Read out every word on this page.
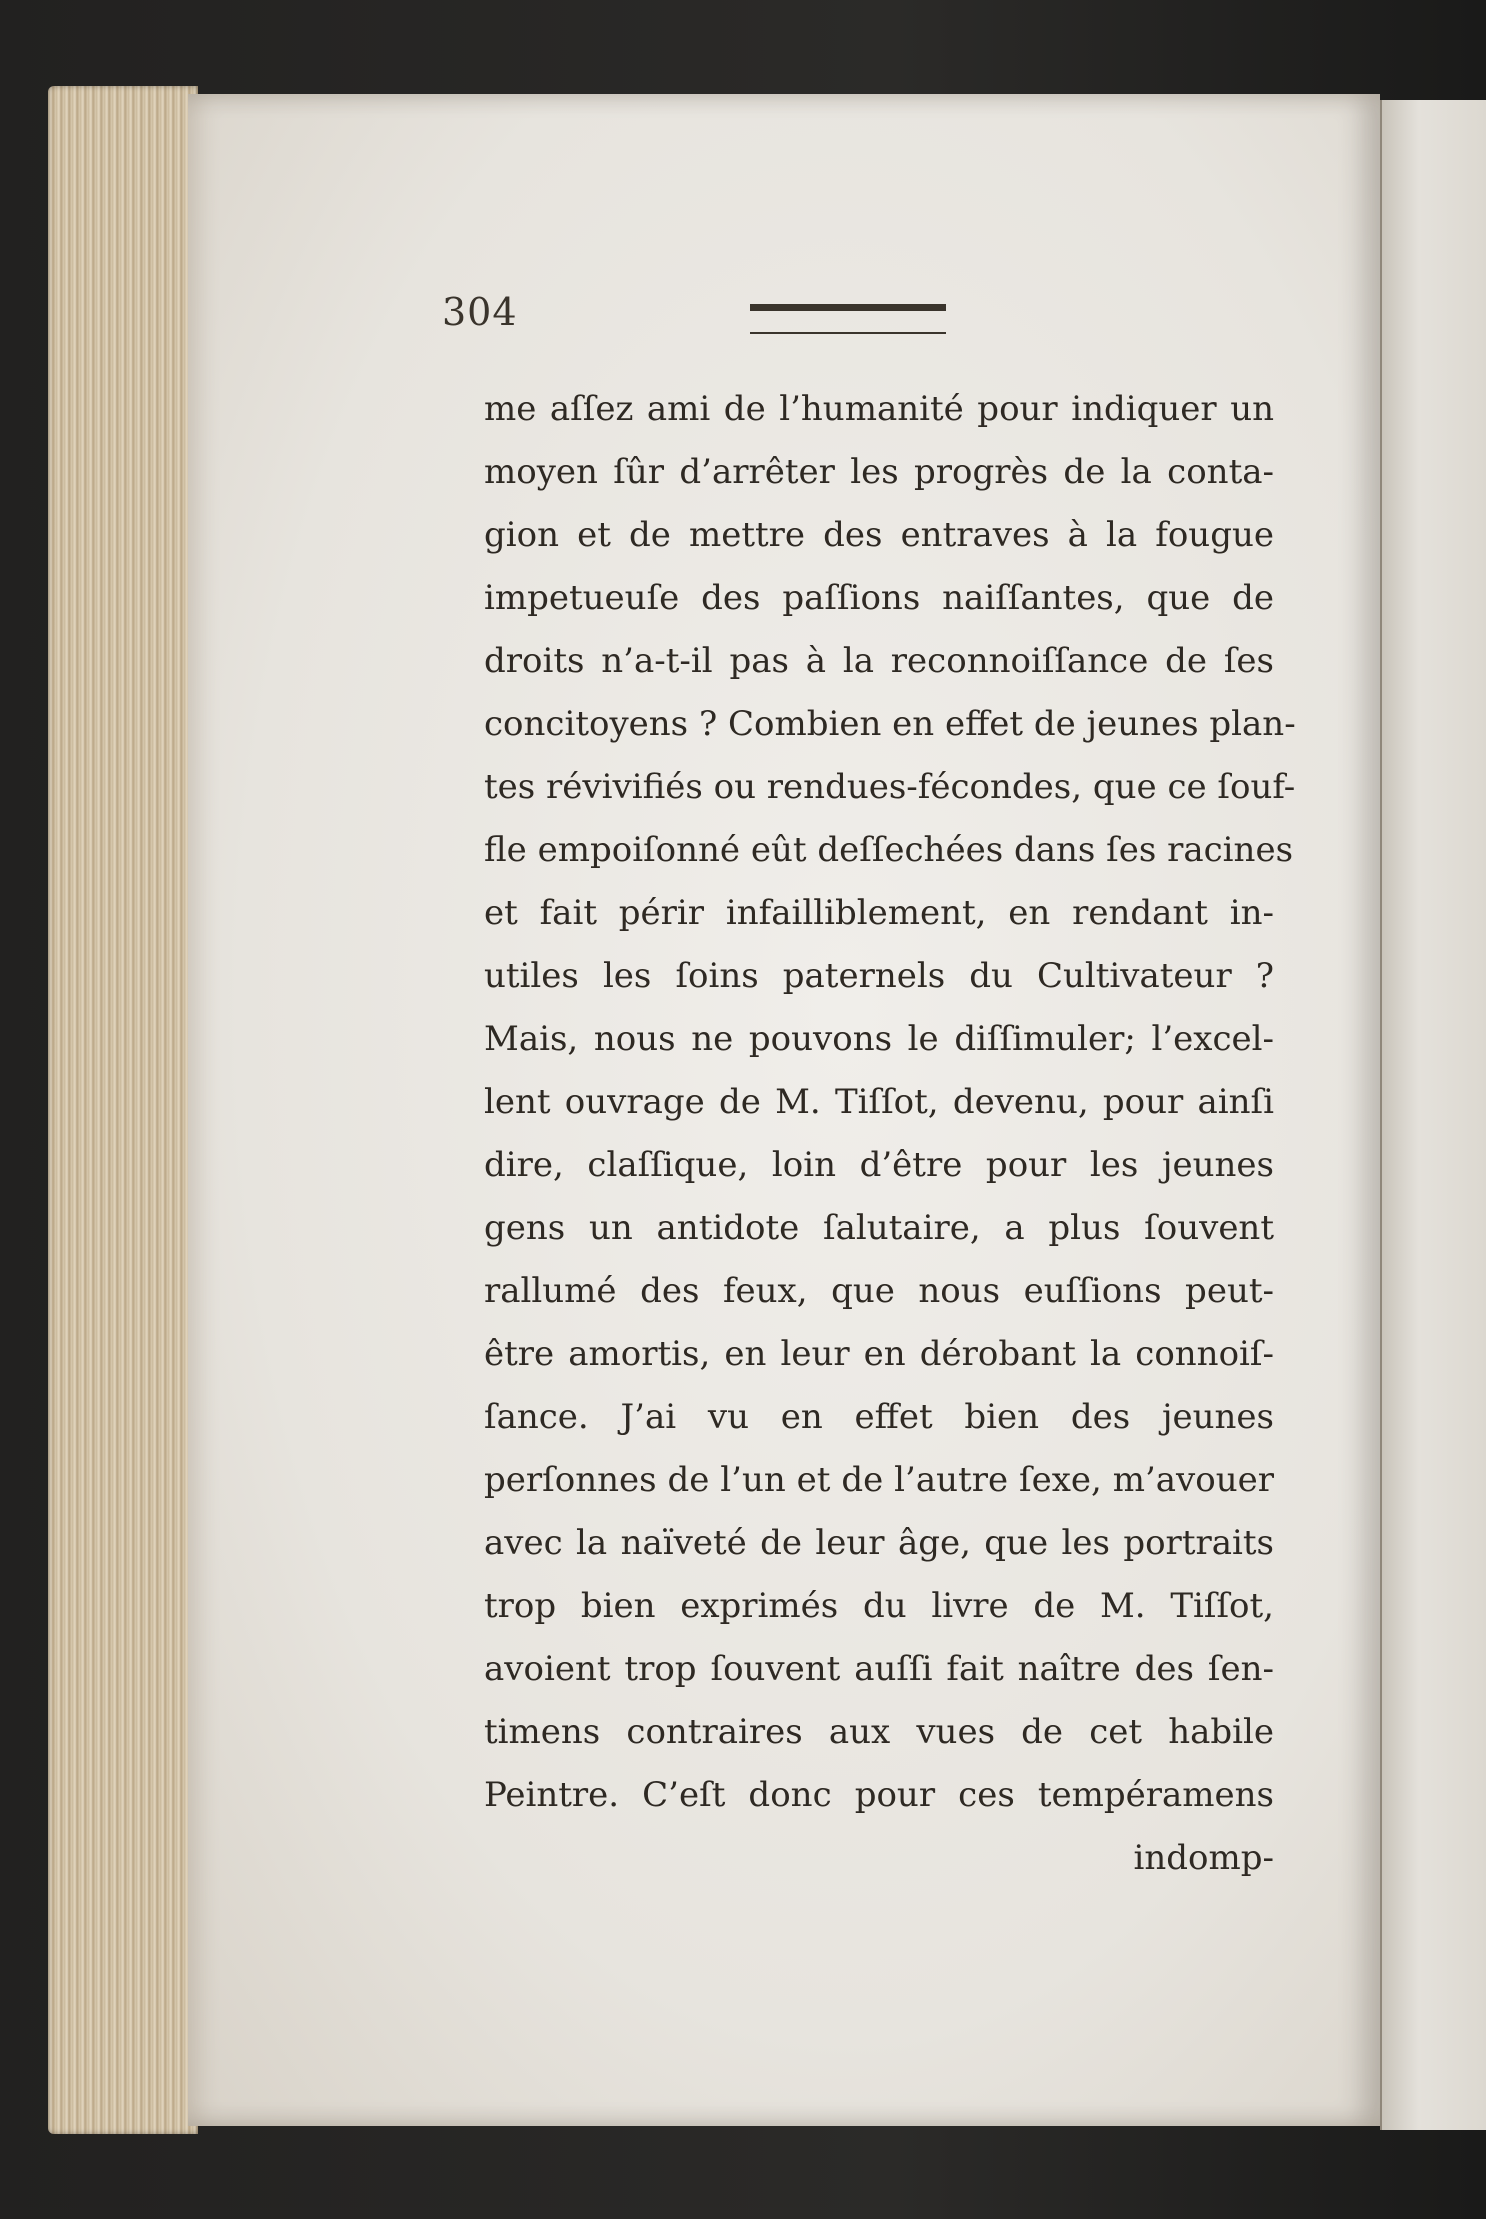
304
me aſſez ami de l’humanité pour indiquer un
moyen ſûr d’arrêter les progrès de la conta-
gion et de mettre des entraves à la fougue
impetueuſe des paſſions naiſſantes, que de
droits n’a-t-il pas à la reconnoiſſance de ſes
concitoyens ? Combien en effet de jeunes plan-
tes révivifiés ou rendues-fécondes, que ce ſouf-
fle empoiſonné eût deſſechées dans ſes racines
et fait périr infailliblement, en rendant in-
utiles les ſoins paternels du Cultivateur ?
Mais, nous ne pouvons le diſſimuler; l’excel-
lent ouvrage de M. Tiſſot, devenu, pour ainſi
dire, claſſique, loin d’être pour les jeunes
gens un antidote ſalutaire, a plus ſouvent
rallumé des feux, que nous euſſions peut-
être amortis, en leur en dérobant la connoiſ-
ſance. J’ai vu en effet bien des jeunes
perſonnes de l’un et de l’autre ſexe, m’avouer
avec la naïveté de leur âge, que les portraits
trop bien exprimés du livre de M. Tiſſot,
avoient trop ſouvent auſſi fait naître des ſen-
timens contraires aux vues de cet habile
Peintre. C’eſt donc pour ces tempéramens
indomp-
